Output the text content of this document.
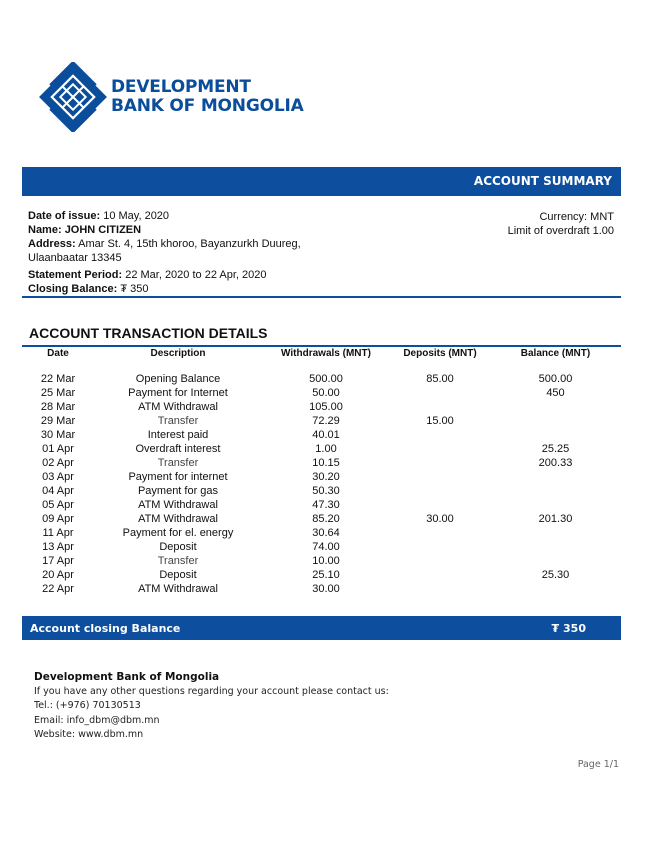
DEVELOPMENT
BANK OF MONGOLIA
ACCOUNT SUMMARY
Date of issue: 10 May, 2020
Name: JOHN CITIZEN
Address: Amar St. 4, 15th khoroo, Bayanzurkh Duureg, Ulaanbaatar 13345
Statement Period: 22 Mar, 2020 to 22 Apr, 2020
Closing Balance: ₮ 350
Currency: MNT
Limit of overdraft 1.00
ACCOUNT TRANSACTION DETAILS
Date	Description	Withdrawals (MNT)	Deposits (MNT)	Balance (MNT)

22 Mar	Opening Balance	500.00	85.00	500.00
25 Mar	Payment for Internet	50.00		450
28 Mar	ATM Withdrawal	105.00		
29 Mar	Transfer	72.29	15.00	
30 Mar	Interest paid	40.01		
01 Apr	Overdraft interest	1.00		25.25
02 Apr	Transfer	10.15		200.33
03 Apr	Payment for internet	30.20		
04 Apr	Payment for gas	50.30		
05 Apr	ATM Withdrawal	47.30		
09 Apr	ATM Withdrawal	85.20	30.00	201.30
11 Apr	Payment for el. energy	30.64		
13 Apr	Deposit	74.00		
17 Apr	Transfer	10.00		
20 Apr	Deposit	25.10		25.30
22 Apr	ATM Withdrawal	30.00		
Account closing Balance	₮ 350
Development Bank of Mongolia
If you have any other questions regarding your account please contact us:
Tel.: (+976) 70130513
Email: info_dbm@dbm.mn
Website: www.dbm.mn
Page 1/1
